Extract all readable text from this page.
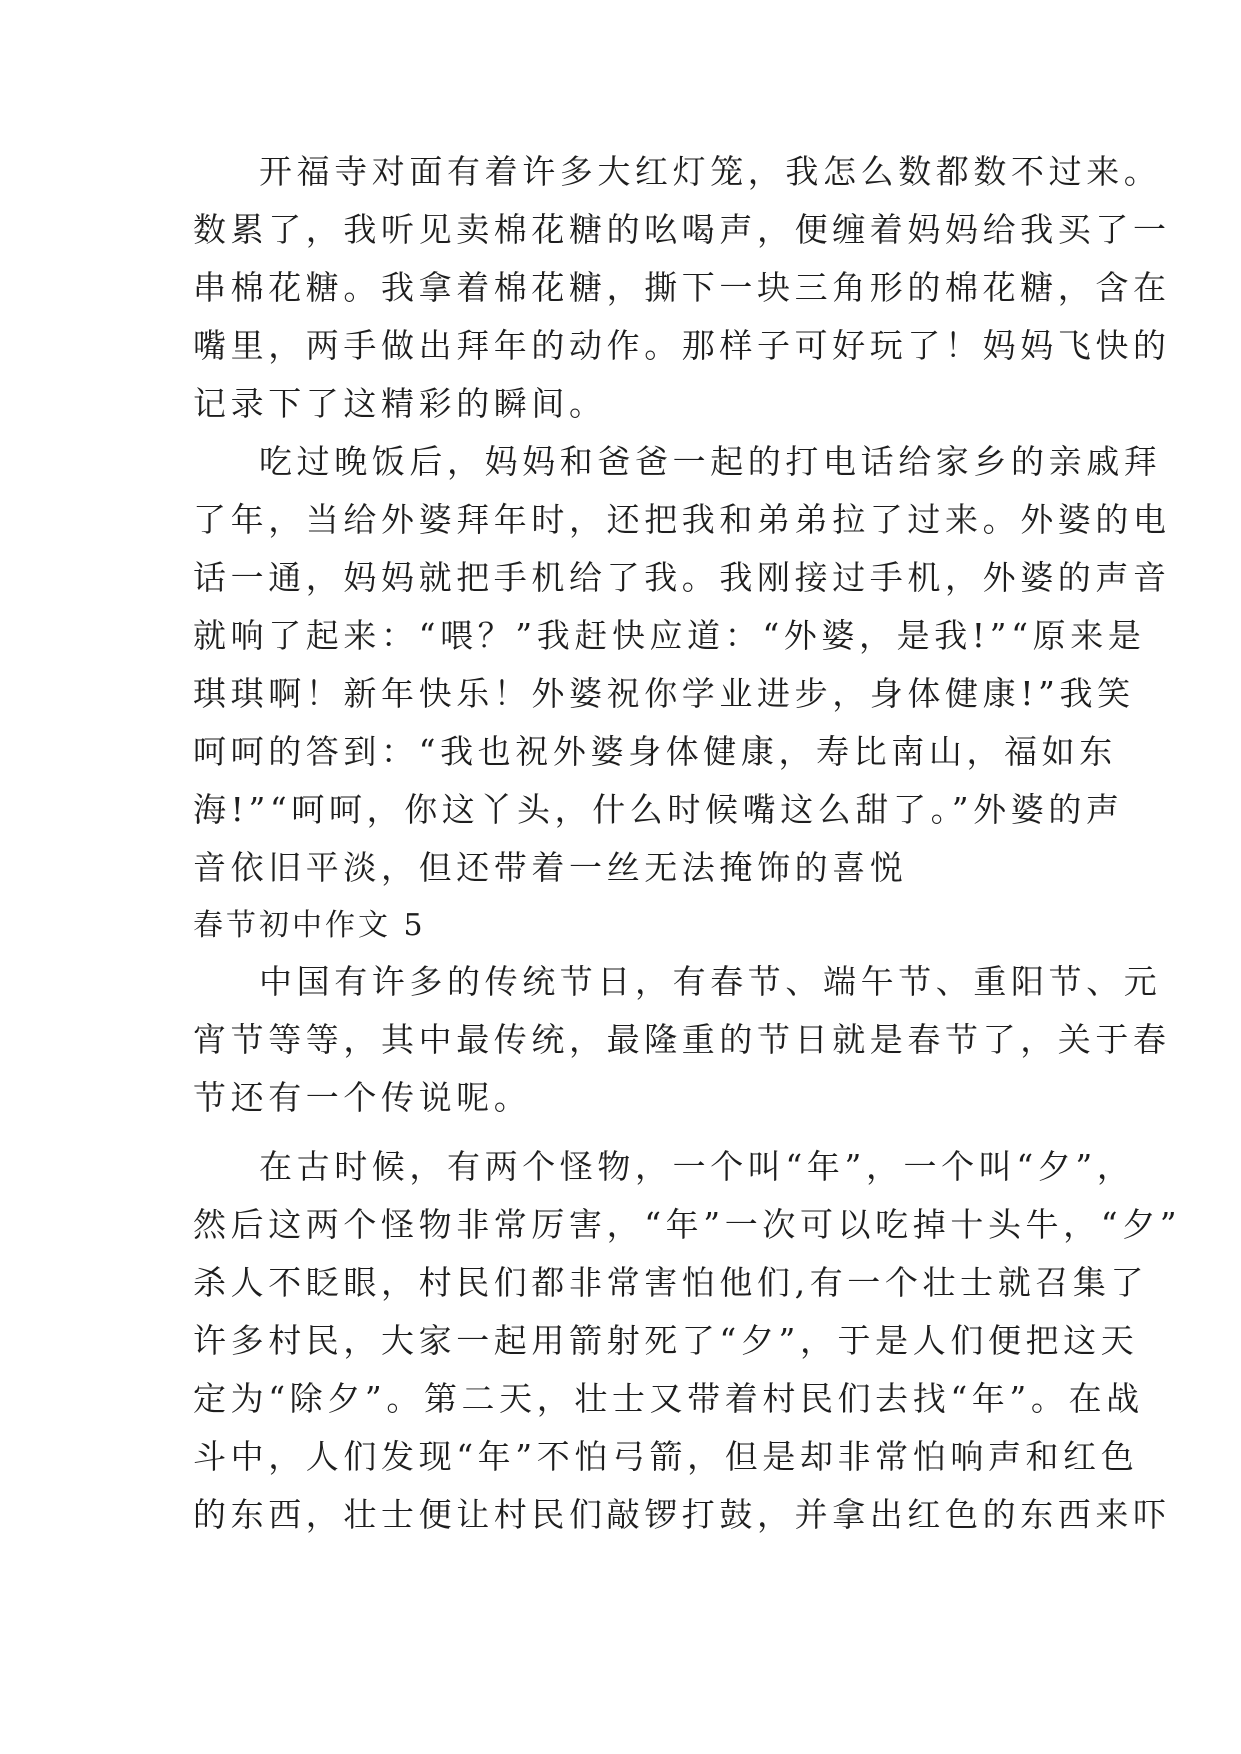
开福寺对面有着许多大红灯笼，我怎么数都数不过来。
数累了，我听见卖棉花糖的吆喝声，便缠着妈妈给我买了一
串棉花糖。我拿着棉花糖，撕下一块三角形的棉花糖，含在
嘴里，两手做出拜年的动作。那样子可好玩了！妈妈飞快的
记录下了这精彩的瞬间。
吃过晚饭后，妈妈和爸爸一起的打电话给家乡的亲戚拜
了年，当给外婆拜年时，还把我和弟弟拉了过来。外婆的电
话一通，妈妈就把手机给了我。我刚接过手机，外婆的声音
就响了起来：“喂？”我赶快应道：“外婆，是我!”“原来是
琪琪啊！新年快乐！外婆祝你学业进步，身体健康!”我笑
呵呵的答到：“我也祝外婆身体健康，寿比南山，福如东
海!”“呵呵，你这丫头，什么时候嘴这么甜了。”外婆的声
音依旧平淡，但还带着一丝无法掩饰的喜悦
春节初中作文 5
中国有许多的传统节日，有春节、端午节、重阳节、元
宵节等等，其中最传统，最隆重的节日就是春节了，关于春
节还有一个传说呢。
在古时候，有两个怪物，一个叫“年”，一个叫“夕”，
然后这两个怪物非常厉害，“年”一次可以吃掉十头牛，“夕”
杀人不眨眼，村民们都非常害怕他们,有一个壮士就召集了
许多村民，大家一起用箭射死了“夕”，于是人们便把这天
定为“除夕”。第二天，壮士又带着村民们去找“年”。在战
斗中，人们发现“年”不怕弓箭，但是却非常怕响声和红色
的东西，壮士便让村民们敲锣打鼓，并拿出红色的东西来吓
